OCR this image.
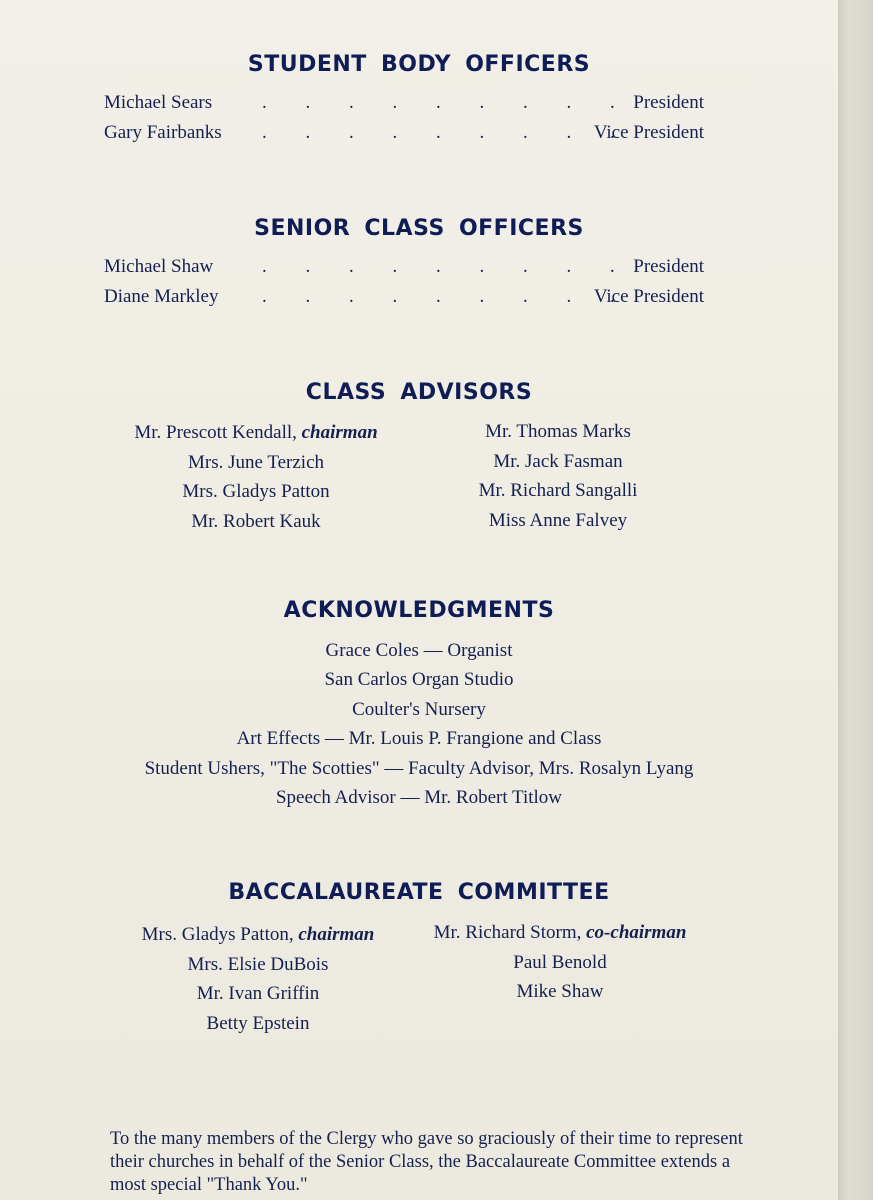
STUDENT BODY OFFICERS
Michael Sears	. . . . . . . . . President
Gary Fairbanks . . . . . . . . .
Vice President
SENIOR CLASS OFFICERS
Michael Shaw	. . . . . . . . . President
Diane Markley . . . . . . . . .
Vice President
CLASS ADVISORS
Mr. Prescott Kendall, chairman
Mrs. June Terzich
Mrs. Gladys Patton
Mr. Robert Kauk
Mr. Thomas Marks
Mr. Jack Fasman
Mr. Richard Sangalli
Miss Anne Falvey
ACKNOWLEDGMENTS
Grace Coles — Organist
San Carlos Organ Studio
Coulter's Nursery
Art Effects — Mr. Louis P. Frangione and Class
Student Ushers, "The Scotties" — Faculty Advisor, Mrs. Rosalyn Lyang
Speech Advisor — Mr. Robert Titlow
BACCALAUREATE COMMITTEE
Mrs. Gladys Patton, chairman
Mrs. Elsie DuBois
Mr. Ivan Griffin
Betty Epstein
Mr. Richard Storm, co-chairman
Paul Benold
Mike Shaw
To the many members of the Clergy who gave so graciously of their time to represent their churches in behalf of the Senior Class, the Baccalaureate Committee extends a most special "Thank You."
